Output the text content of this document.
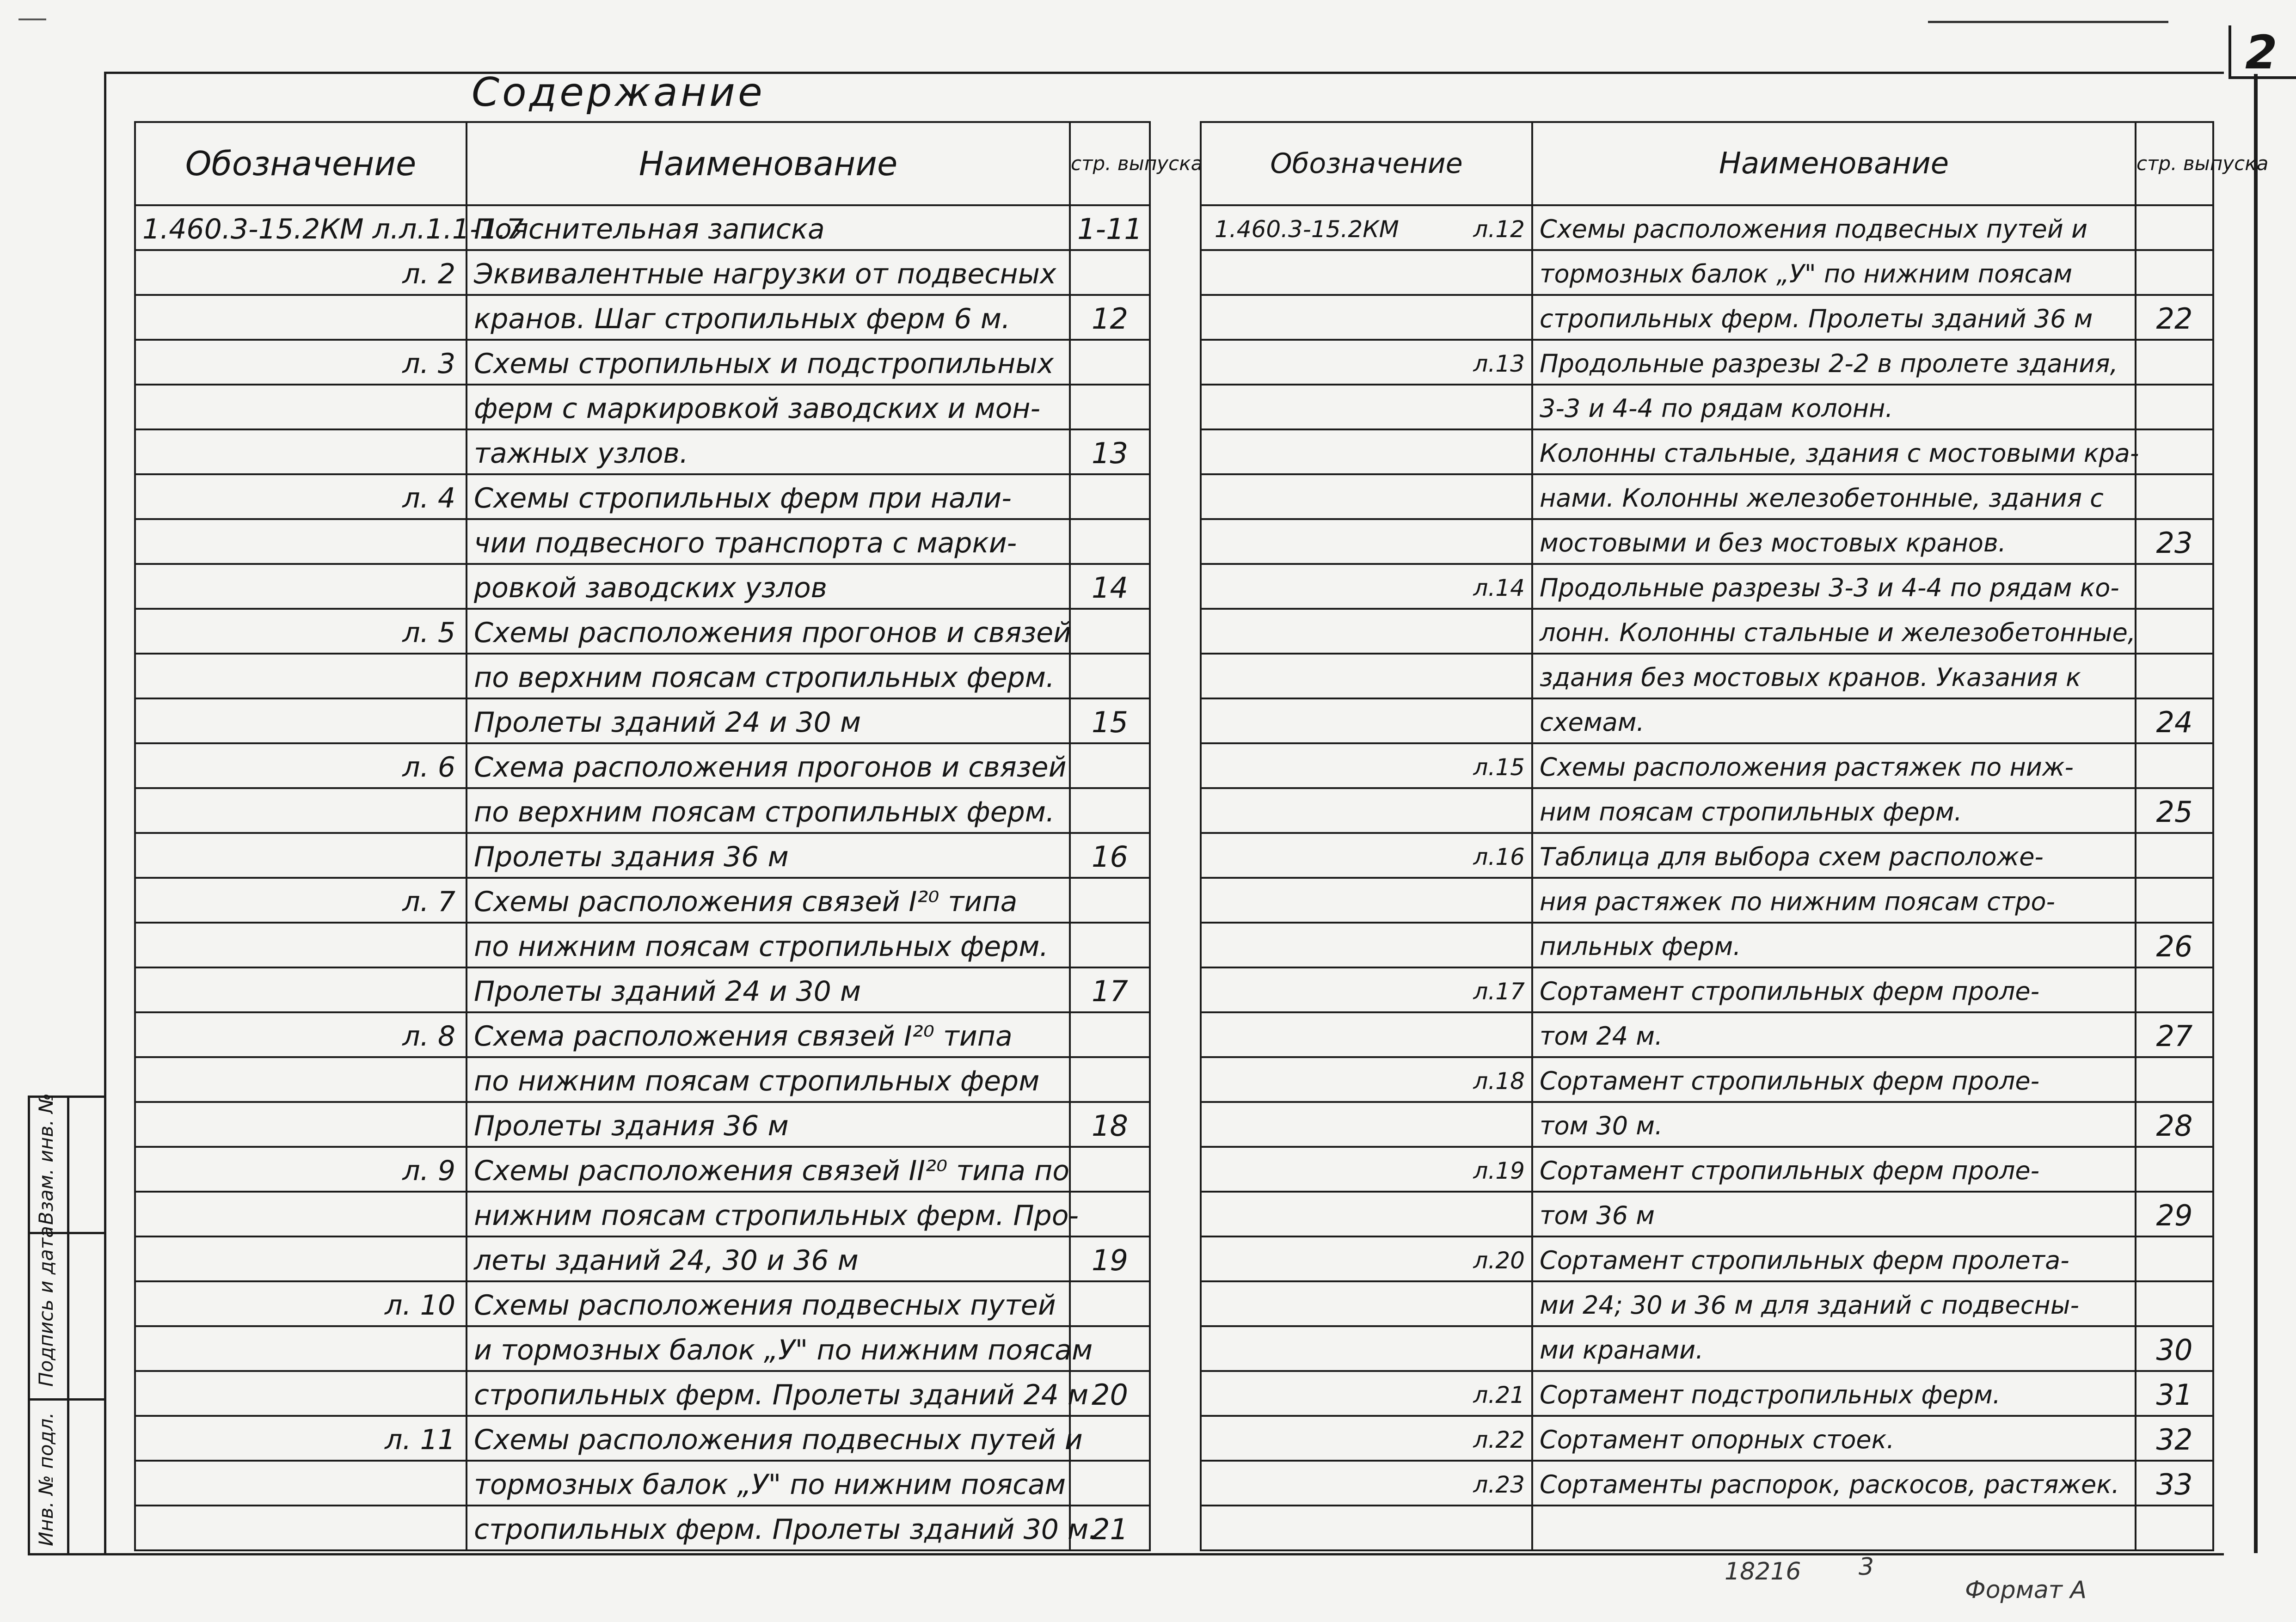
2
Взам. инв. №
Подпись и дата
Инв. № подл.
Содержание
Обозначение	Наименование	стр. выпуска

1.460.3-15.2КМ л.л.1.1-1.7	Пояснительная записка	1-11

л. 2	Эквивалентные нагрузки от подвесных	

	кранов. Шаг стропильных ферм 6 м.	12

л. 3	Схемы стропильных и подстропильных	

	ферм с маркировкой заводских и мон-	

	тажных узлов.	13

л. 4	Схемы стропильных ферм при нали-	

	чии подвесного транспорта с марки-	

	ровкой заводских узлов	14

л. 5	Схемы расположения прогонов и связей	

	по верхним поясам стропильных ферм.	

	Пролеты зданий 24 и 30 м	15

л. 6	Схема расположения прогонов и связей	

	по верхним поясам стропильных ферм.	

	Пролеты здания 36 м	16

л. 7	Схемы расположения связей I²⁰ типа	

	по нижним поясам стропильных ферм.	

	Пролеты зданий 24 и 30 м	17

л. 8	Схема расположения связей I²⁰ типа	

	по нижним поясам стропильных ферм	

	Пролеты здания 36 м	18

л. 9	Схемы расположения связей II²⁰ типа по	

	нижним поясам стропильных ферм. Про-	

	леты зданий 24, 30 и 36 м	19

л. 10	Схемы расположения подвесных путей	

	и тормозных балок „У" по нижним поясам	

	стропильных ферм. Пролеты зданий 24 м	20

л. 11	Схемы расположения подвесных путей и	

	тормозных балок „У" по нижним поясам	

	стропильных ферм. Пролеты зданий 30 м.	21
Обозначение	Наименование	стр. выпуска

1.460.3-15.2КМ л.12	Схемы расположения подвесных путей и	

	тормозных балок „У" по нижним поясам	

	стропильных ферм. Пролеты зданий 36 м	22

л.13	Продольные разрезы 2-2 в пролете здания,	

	3-3 и 4-4 по рядам колонн.	

	Колонны стальные, здания с мостовыми кра-	

	нами. Колонны железобетонные, здания с	

	мостовыми и без мостовых кранов.	23

л.14	Продольные разрезы 3-3 и 4-4 по рядам ко-	

	лонн. Колонны стальные и железобетонные,	

	здания без мостовых кранов. Указания к	

	схемам.	24

л.15	Схемы расположения растяжек по ниж-	

	ним поясам стропильных ферм.	25

л.16	Таблица для выбора схем расположе-	

	ния растяжек по нижним поясам стро-	

	пильных ферм.	26

л.17	Сортамент стропильных ферм проле-	

	том 24 м.	27

л.18	Сортамент стропильных ферм проле-	

	том 30 м.	28

л.19	Сортамент стропильных ферм проле-	

	том 36 м	29

л.20	Сортамент стропильных ферм пролета-	

	ми 24; 30 и 36 м для зданий с подвесны-	

	ми кранами.	30

л.21	Сортамент подстропильных ферм.	31

л.22	Сортамент опорных стоек.	32

л.23	Сортаменты распорок, раскосов, растяжек.	33

18216 3
Формат А
